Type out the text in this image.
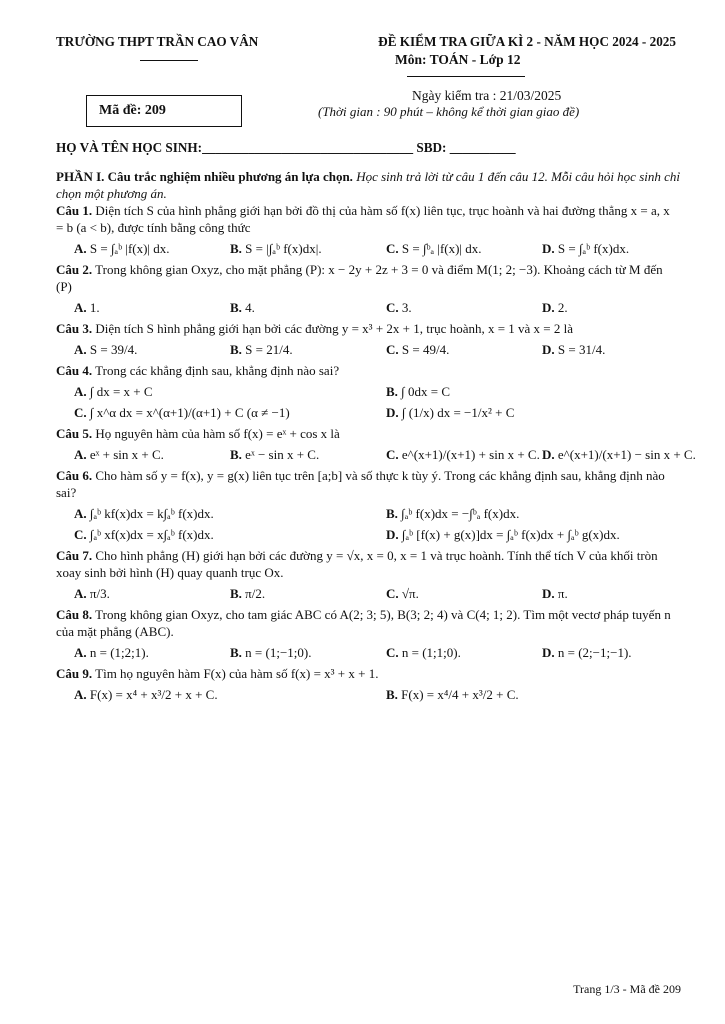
TRƯỜNG THPT TRẦN CAO VÂN	ĐỀ KIỂM TRA GIỮA KÌ 2 - NĂM HỌC 2024 - 2025
Môn: TOÁN - Lớp 12
Mã đề: 209
Ngày kiểm tra : 21/03/2025
(Thời gian : 90 phút – không kể thời gian giao đề)
HỌ VÀ TÊN HỌC SINH:________________________________ SBD: __________

PHẦN I. Câu trắc nghiệm nhiều phương án lựa chọn. Học sinh trả lời từ câu 1 đến câu 12. Mỗi câu hỏi học sinh chỉ chọn một phương án.

Câu 1. Diện tích S của hình phẳng giới hạn bởi đồ thị của hàm số f(x) liên tục, trục hoành và hai đường thẳng x = a, x = b (a < b), được tính bằng công thức

A. S = ∫ₐᵇ |f(x)| dx.	B. S = |∫ₐᵇ f(x)dx|.	C. S = ∫ᵇₐ |f(x)| dx.	D. S = ∫ₐᵇ f(x)dx.

Câu 2. Trong không gian Oxyz, cho mặt phẳng (P): x − 2y + 2z + 3 = 0 và điểm M(1; 2; −3). Khoảng cách từ M đến (P)

A. 1.	B. 4.	C. 3.	D. 2.

Câu 3. Diện tích S hình phẳng giới hạn bởi các đường y = x³ + 2x + 1, trục hoành, x = 1 và x = 2 là

A. S = 39/4.	B. S = 21/4.	C. S = 49/4.	D. S = 31/4.

Câu 4. Trong các khẳng định sau, khẳng định nào sai?

A. ∫ dx = x + C	B. ∫ 0dx = C
C. ∫ x^α dx = x^(α+1)/(α+1) + C (α ≠ −1)	D. ∫ (1/x) dx = −1/x² + C

Câu 5. Họ nguyên hàm của hàm số f(x) = eˣ + cos x là

A. eˣ + sin x + C.	B. eˣ − sin x + C.	C. e^(x+1)/(x+1) + sin x + C. D. e^(x+1)/(x+1) − sin x + C.

Câu 6. Cho hàm số y = f(x), y = g(x) liên tục trên [a;b] và số thực k tùy ý. Trong các khẳng định sau, khẳng định nào sai?

A. ∫ₐᵇ kf(x)dx = k∫ₐᵇ f(x)dx.	B. ∫ₐᵇ f(x)dx = −∫ᵇₐ f(x)dx.
C. ∫ₐᵇ xf(x)dx = x∫ₐᵇ f(x)dx.	D. ∫ₐᵇ [f(x) + g(x)]dx = ∫ₐᵇ f(x)dx + ∫ₐᵇ g(x)dx.

Câu 7. Cho hình phẳng (H) giới hạn bởi các đường y = √x, x = 0, x = 1 và trục hoành. Tính thể tích V của khối tròn xoay sinh bởi hình (H) quay quanh trục Ox.

A. π/3.	B. π/2.	C. √π.	D. π.

Câu 8. Trong không gian Oxyz, cho tam giác ABC có A(2; 3; 5), B(3; 2; 4) và C(4; 1; 2). Tìm một vectơ pháp tuyến n của mặt phẳng (ABC).

A. n = (1;2;1).	B. n = (1;−1;0).	C. n = (1;1;0).	D. n = (2;−1;−1).

Câu 9. Tìm họ nguyên hàm F(x) của hàm số f(x) = x³ + x + 1.

A. F(x) = x⁴ + x³/2 + x + C.	B. F(x) = x⁴/4 + x³/2 + C.
Trang 1/3 - Mã đề 209
